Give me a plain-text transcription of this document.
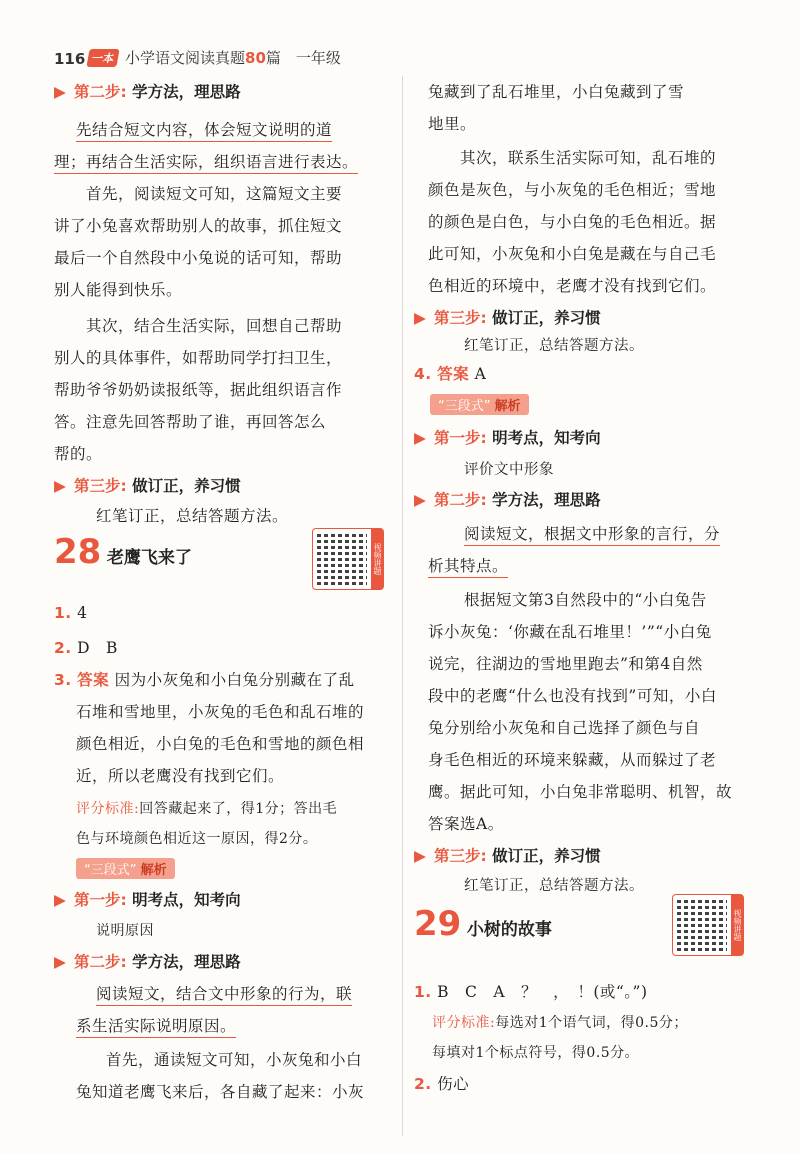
116 一本 小学语文阅读真题80篇　 一年级
▶ 第二步: 学方法，理思路
先结合短文内容，体会短文说明的道
理；再结合生活实际，组织语言进行表达。
首先，阅读短文可知，这篇短文主要
讲了小兔喜欢帮助别人的故事，抓住短文
最后一个自然段中小兔说的话可知，帮助
别人能得到快乐。
其次，结合生活实际，回想自己帮助
别人的具体事件，如帮助同学打扫卫生，
帮助爷爷奶奶读报纸等，据此组织语言作
答。注意先回答帮助了谁，再回答怎么
帮的。
▶ 第三步: 做订正，养习惯
红笔订正，总结答题方法。
28 老鹰飞来了	视频讲题
1. 4
2. D　B
3. 答案 因为小灰兔和小白兔分别藏在了乱
石堆和雪地里，小灰兔的毛色和乱石堆的
颜色相近，小白兔的毛色和雪地的颜色相
近，所以老鹰没有找到它们。
评分标准:回答藏起来了，得1分；答出毛
色与环境颜色相近这一原因，得2分。
“三段式” 解析
▶ 第一步: 明考点，知考向
说明原因
▶ 第二步: 学方法，理思路
阅读短文，结合文中形象的行为，联
系生活实际说明原因。
首先，通读短文可知，小灰兔和小白
兔知道老鹰飞来后，各自藏了起来：小灰
兔藏到了乱石堆里，小白兔藏到了雪
地里。
其次，联系生活实际可知，乱石堆的
颜色是灰色，与小灰兔的毛色相近；雪地
的颜色是白色，与小白兔的毛色相近。据
此可知，小灰兔和小白兔是藏在与自己毛
色相近的环境中，老鹰才没有找到它们。
▶ 第三步: 做订正，养习惯
红笔订正，总结答题方法。
4. 答案 A
“三段式” 解析
▶ 第一步: 明考点，知考向
评价文中形象
▶ 第二步: 学方法，理思路
阅读短文，根据文中形象的言行，分
析其特点。
根据短文第3自然段中的“小白兔告
诉小灰兔：‘你藏在乱石堆里！’”“小白兔
说完，往湖边的雪地里跑去”和第4自然
段中的老鹰“什么也没有找到”可知，小白
兔分别给小灰兔和自己选择了颜色与自
身毛色相近的环境来躲藏，从而躲过了老
鹰。据此可知，小白兔非常聪明、机智，故
答案选A。
▶ 第三步: 做订正，养习惯
红笔订正，总结答题方法。
29 小树的故事	视频讲题
1. B　C　A　？　，　！(或“。”)
评分标准:每选对1个语气词，得0.5分；
每填对1个标点符号，得0.5分。
2. 伤心
